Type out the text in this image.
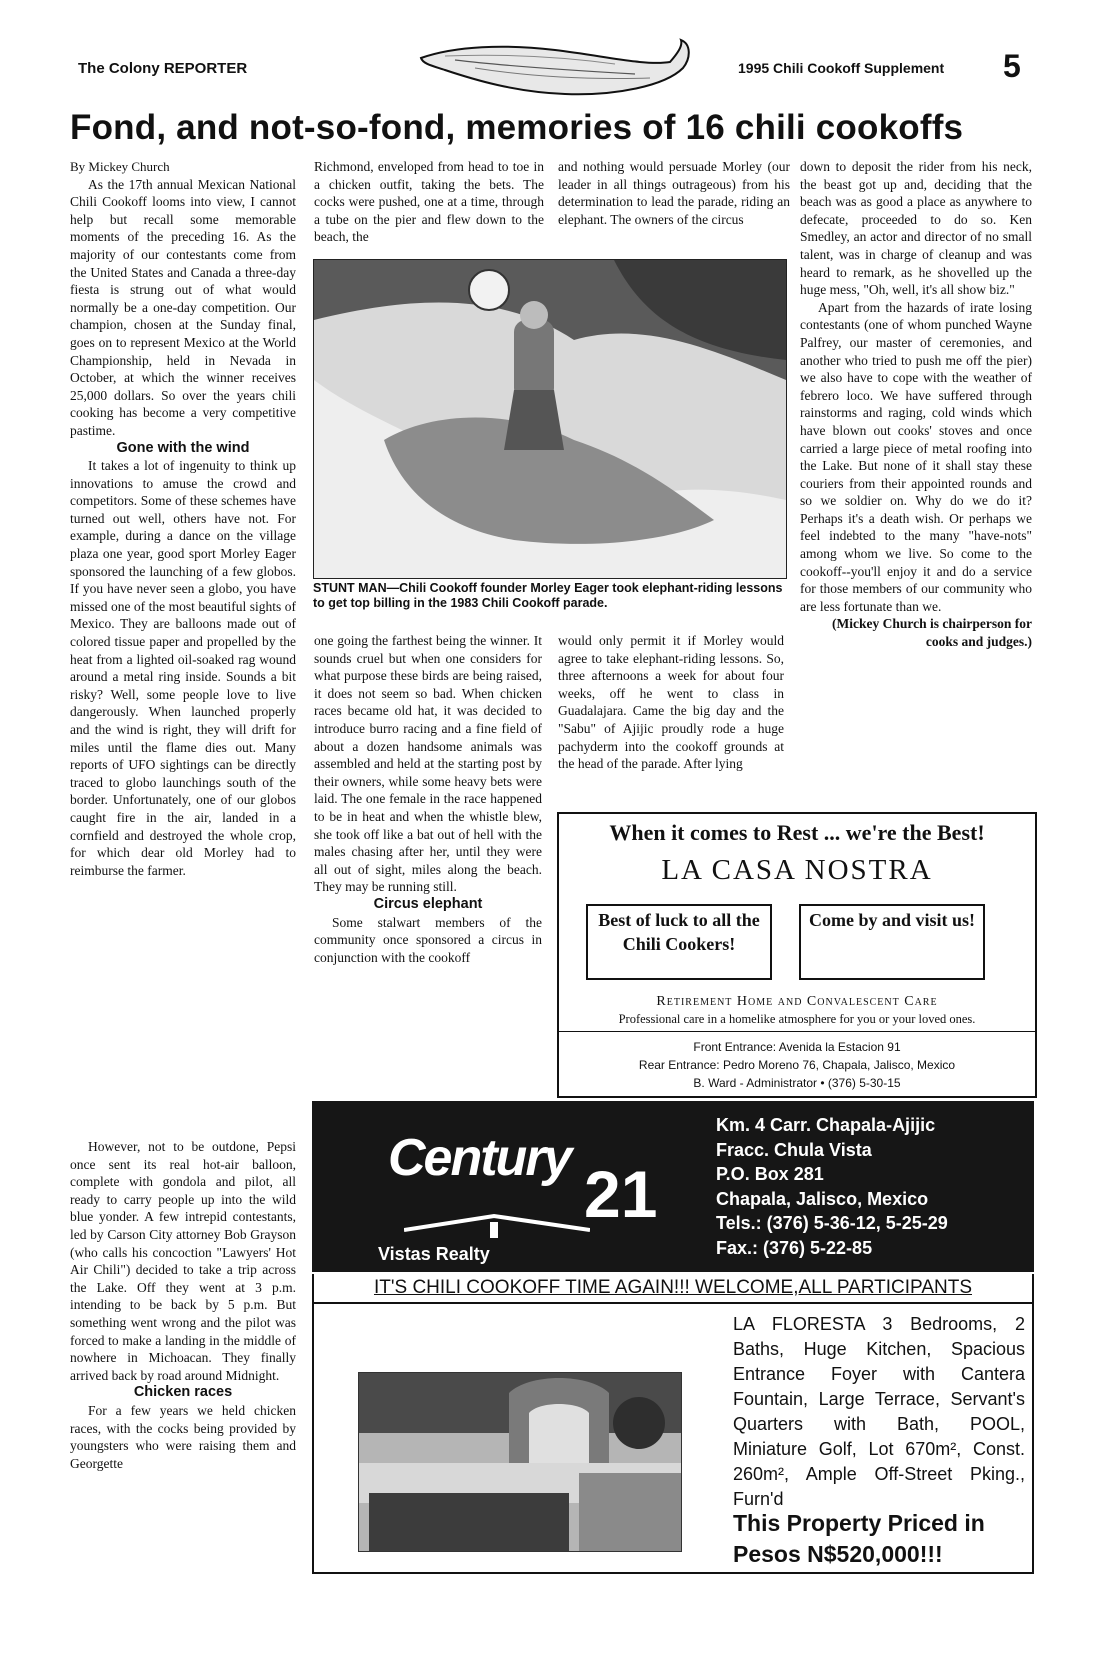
The Colony REPORTER	1995 Chili Cookoff Supplement 5
Fond, and not-so-fond, memories of 16 chili cookoffs

By Mickey Church

As the 17th annual Mexican National Chili Cookoff looms into view, I cannot help but recall some memorable moments of the preceding 16. As the majority of our contestants come from the United States and Canada a three-day fiesta is strung out of what would normally be a one-day competition. Our champion, chosen at the Sunday final, goes on to represent Mexico at the World Championship, held in Nevada in October, at which the winner receives 25,000 dollars. So over the years chili cooking has become a very competitive pastime.

Gone with the wind

It takes a lot of ingenuity to think up innovations to amuse the crowd and competitors. Some of these schemes have turned out well, others have not. For example, during a dance on the village plaza one year, good sport Morley Eager sponsored the launching of a few globos. If you have never seen a globo, you have missed one of the most beautiful sights of Mexico. They are balloons made out of colored tissue paper and propelled by the heat from a lighted oil-soaked rag wound around a metal ring inside. Sounds a bit risky? Well, some people love to live dangerously. When launched properly and the wind is right, they will drift for miles until the flame dies out. Many reports of UFO sightings can be directly traced to globo launchings south of the border. Unfortunately, one of our globos caught fire in the air, landed in a cornfield and destroyed the whole crop, for which dear old Morley had to reimburse the farmer.

However, not to be outdone, Pepsi once sent its real hot-air balloon, complete with gondola and pilot, all ready to carry people up into the wild blue yonder. A few intrepid contestants, led by Carson City attorney Bob Grayson (who calls his concoction "Lawyers' Hot Air Chili") decided to take a trip across the Lake. Off they went at 3 p.m. intending to be back by 5 p.m. But something went wrong and the pilot was forced to make a landing in the middle of nowhere in Michoacan. They finally arrived back by road around Midnight.

Chicken races

For a few years we held chicken races, with the cocks being provided by youngsters who were raising them and Georgette

Richmond, enveloped from head to toe in a chicken outfit, taking the bets. The cocks were pushed, one at a time, through a tube on the pier and flew down to the beach, the

one going the farthest being the winner. It sounds cruel but when one considers for what purpose these birds are being raised, it does not seem so bad. When chicken races became old hat, it was decided to introduce burro racing and a fine field of about a dozen handsome animals was assembled and held at the starting post by their owners, while some heavy bets were laid. The one female in the race happened to be in heat and when the whistle blew, she took off like a bat out of hell with the males chasing after her, until they were all out of sight, miles along the beach. They may be running still.

Circus elephant

Some stalwart members of the community once sponsored a circus in conjunction with the cookoff

and nothing would persuade Morley (our leader in all things outrageous) from his determination to lead the parade, riding an elephant. The owners of the circus

would only permit it if Morley would agree to take elephant-riding lessons. So, three afternoons a week for about four weeks, off he went to class in Guadalajara. Came the big day and the "Sabu" of Ajijic proudly rode a huge pachyderm into the cookoff grounds at the head of the parade. After lying

STUNT MAN—Chili Cookoff founder Morley Eager took elephant-riding lessons to get top billing in the 1983 Chili Cookoff parade.

down to deposit the rider from his neck, the beast got up and, deciding that the beach was as good a place as anywhere to defecate, proceeded to do so. Ken Smedley, an actor and director of no small talent, was in charge of cleanup and was heard to remark, as he shovelled up the huge mess, "Oh, well, it's all show biz."

Apart from the hazards of irate losing contestants (one of whom punched Wayne Palfrey, our master of ceremonies, and another who tried to push me off the pier) we also have to cope with the weather of febrero loco. We have suffered through rainstorms and raging, cold winds which have blown out cooks' stoves and once carried a large piece of metal roofing into the Lake. But none of it shall stay these couriers from their appointed rounds and so we soldier on. Why do we do it? Perhaps it's a death wish. Or perhaps we feel indebted to the many "have-nots" among whom we live. So come to the cookoff--you'll enjoy it and do a service for those members of our community who are less fortunate than we.

(Mickey Church is chairperson for cooks and judges.)

When it comes to Rest ... we're the Best!
LA CASA NOSTRA
Best of luck to all the Chili Cookers!
Come by and visit us!
Retirement Home and Convalescent Care
Professional care in a homelike atmosphere for you or your loved ones.
Front Entrance: Avenida la Estacion 91
Rear Entrance: Pedro Moreno 76, Chapala, Jalisco, Mexico
B. Ward - Administrator • (376) 5-30-15
Century 21
Vistas Realty
Km. 4 Carr. Chapala-Ajijic
Fracc. Chula Vista
P.O. Box 281
Chapala, Jalisco, Mexico
Tels.: (376) 5-36-12, 5-25-29
Fax.: (376) 5-22-85
IT'S CHILI COOKOFF TIME AGAIN!!! WELCOME,ALL PARTICIPANTS
LA FLORESTA 3 Bedrooms, 2 Baths, Huge Kitchen, Spacious Entrance Foyer with Cantera Fountain, Large Terrace, Servant's Quarters with Bath, POOL, Miniature Golf, Lot 670m², Const. 260m², Ample Off-Street Pking., Furn'd
This Property Priced in Pesos N$520,000!!!
